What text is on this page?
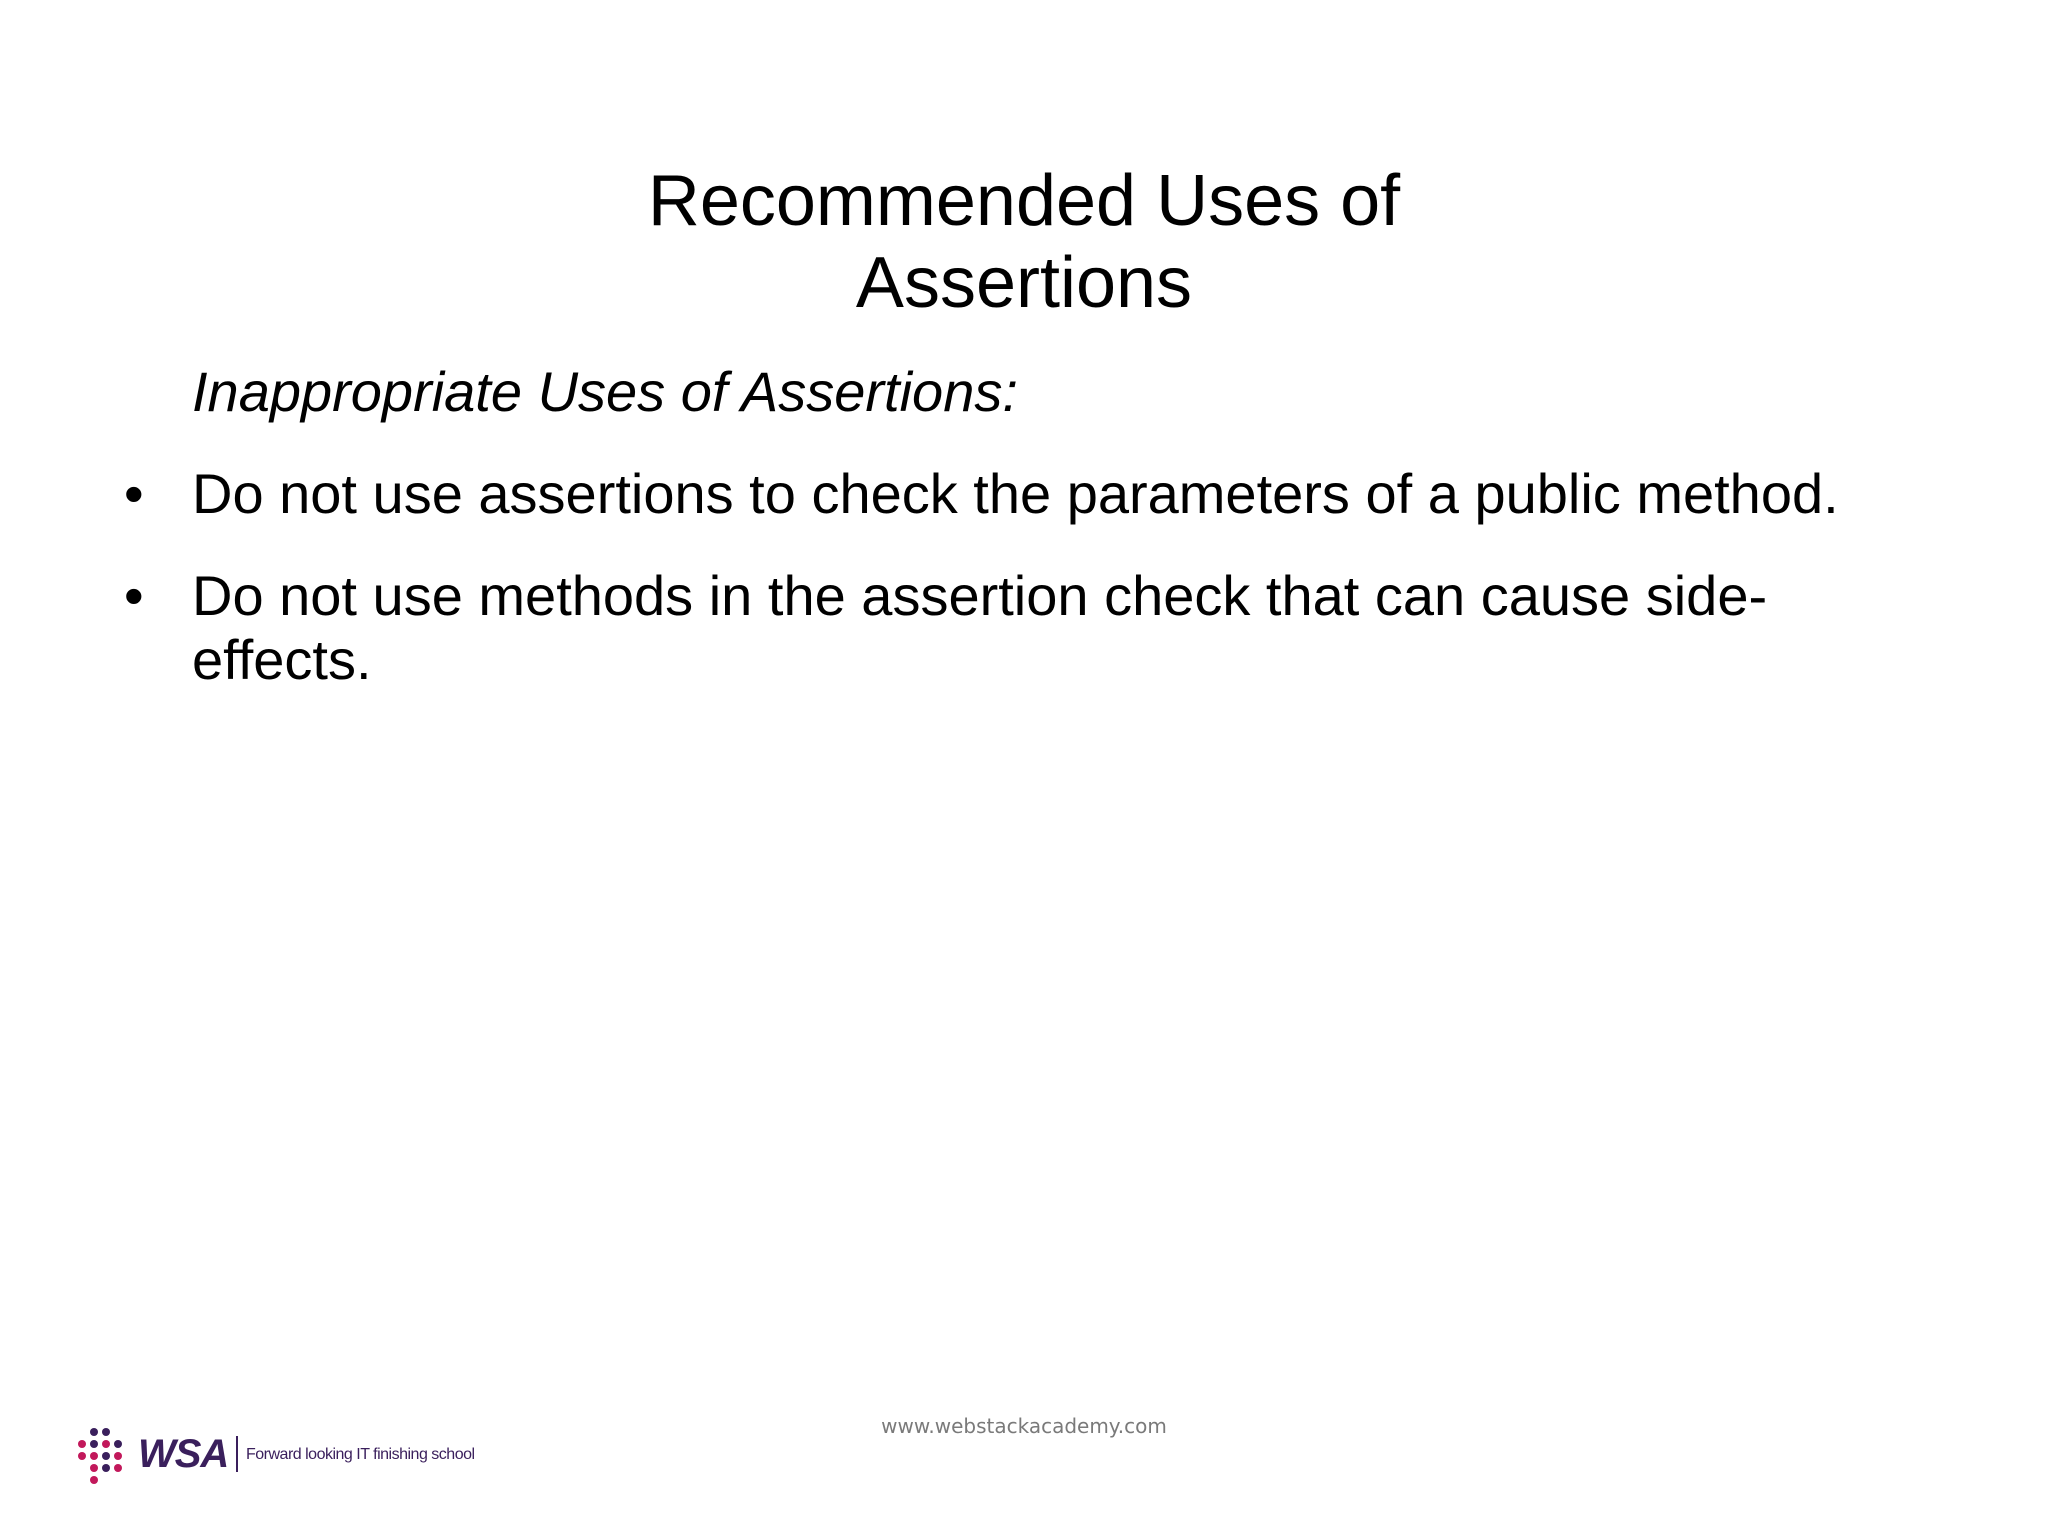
Recommended Uses of
Assertions
Inappropriate Uses of Assertions:
• Do not use assertions to check the parameters of a public method.
• Do not use methods in the assertion check that can cause side-effects.
www.webstackacademy.com
WSA Forward looking IT finishing school
